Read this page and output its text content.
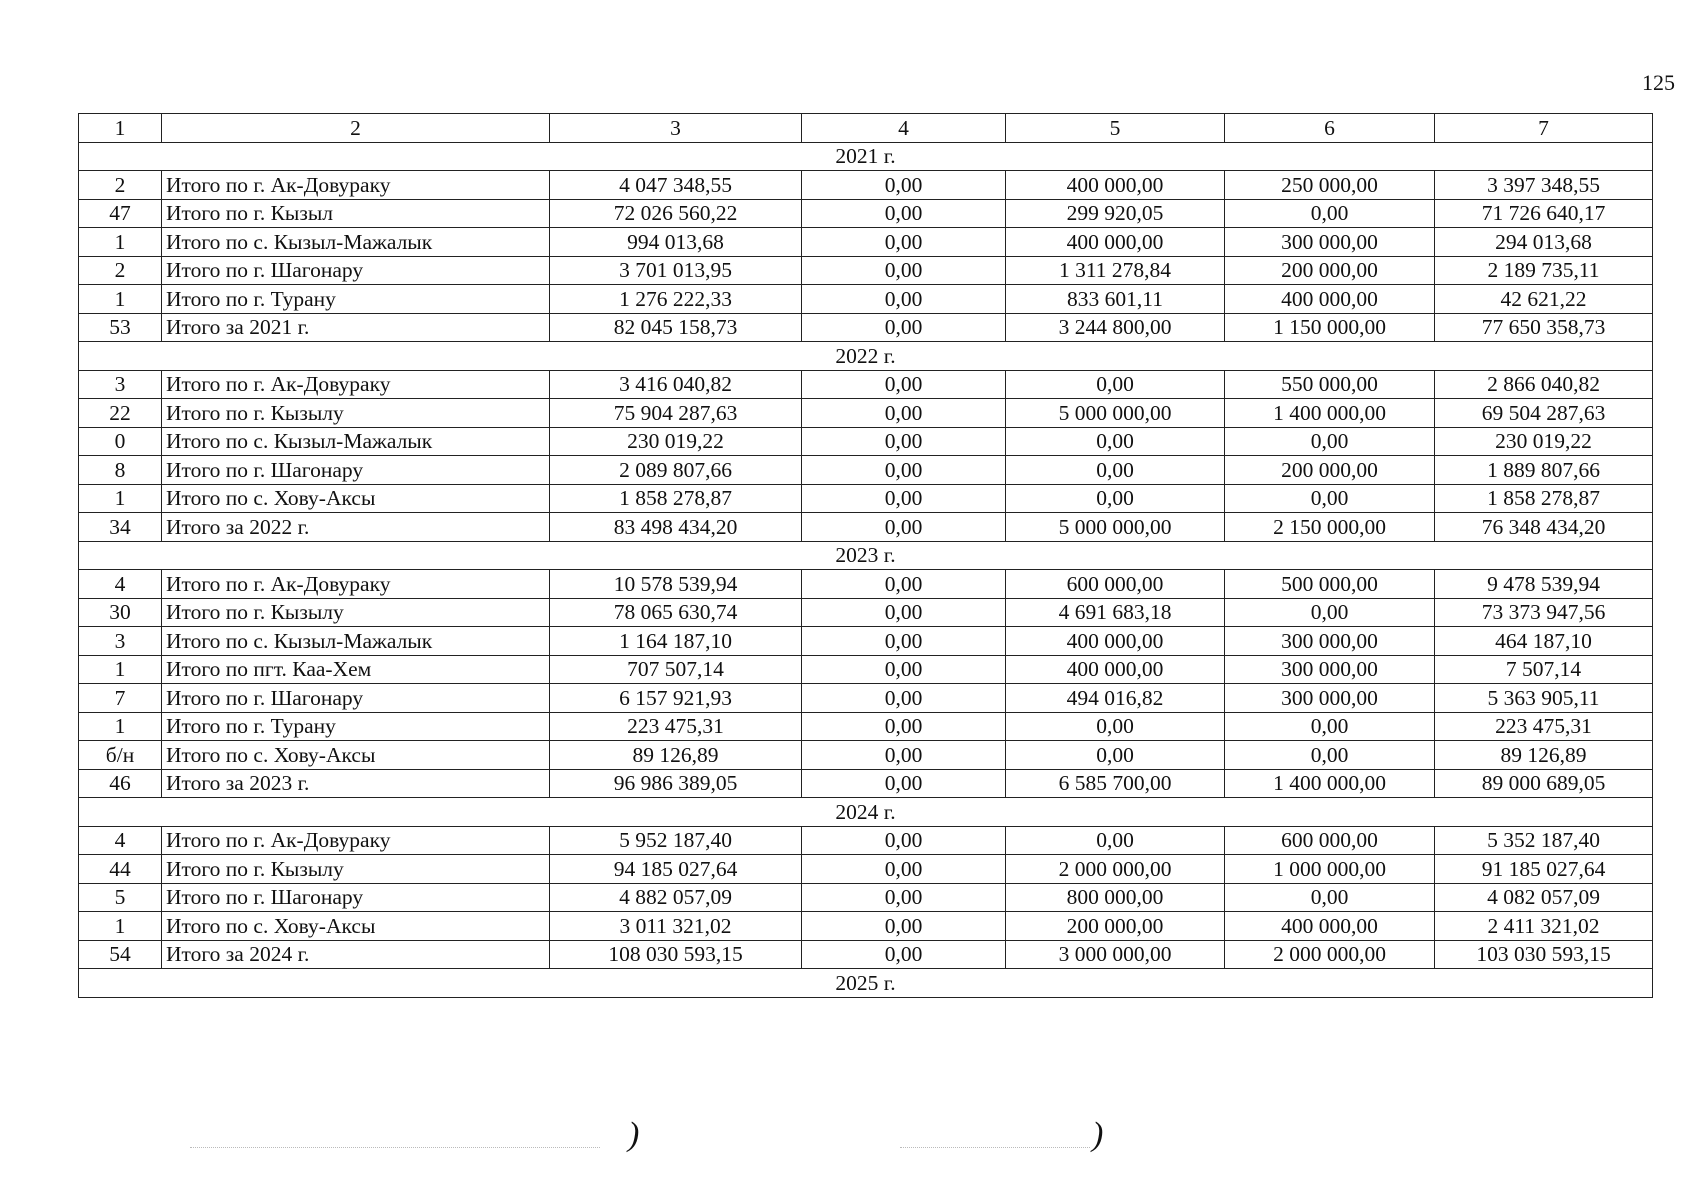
125
1	2	3	4	5	6	7
2021 г.						
2	Итого по г. Ак-Довураку	4 047 348,55	0,00	400 000,00	250 000,00	3 397 348,55
47	Итого по г. Кызыл	72 026 560,22	0,00	299 920,05	0,00	71 726 640,17
1	Итого по с. Кызыл-Мажалык	994 013,68	0,00	400 000,00	300 000,00	294 013,68
2	Итого по г. Шагонару	3 701 013,95	0,00	1 311 278,84	200 000,00	2 189 735,11
1	Итого по г. Турану	1 276 222,33	0,00	833 601,11	400 000,00	42 621,22
53	Итого за 2021 г.	82 045 158,73	0,00	3 244 800,00	1 150 000,00	77 650 358,73
2022 г.						
3	Итого по г. Ак-Довураку	3 416 040,82	0,00	0,00	550 000,00	2 866 040,82
22	Итого по г. Кызылу	75 904 287,63	0,00	5 000 000,00	1 400 000,00	69 504 287,63
0	Итого по с. Кызыл-Мажалык	230 019,22	0,00	0,00	0,00	230 019,22
8	Итого по г. Шагонару	2 089 807,66	0,00	0,00	200 000,00	1 889 807,66
1	Итого по с. Хову-Аксы	1 858 278,87	0,00	0,00	0,00	1 858 278,87
34	Итого за 2022 г.	83 498 434,20	0,00	5 000 000,00	2 150 000,00	76 348 434,20
2023 г.						
4	Итого по г. Ак-Довураку	10 578 539,94	0,00	600 000,00	500 000,00	9 478 539,94
30	Итого по г. Кызылу	78 065 630,74	0,00	4 691 683,18	0,00	73 373 947,56
3	Итого по с. Кызыл-Мажалык	1 164 187,10	0,00	400 000,00	300 000,00	464 187,10
1	Итого по пгт. Каа-Хем	707 507,14	0,00	400 000,00	300 000,00	7 507,14
7	Итого по г. Шагонару	6 157 921,93	0,00	494 016,82	300 000,00	5 363 905,11
1	Итого по г. Турану	223 475,31	0,00	0,00	0,00	223 475,31
б/н	Итого по с. Хову-Аксы	89 126,89	0,00	0,00	0,00	89 126,89
46	Итого за 2023 г.	96 986 389,05	0,00	6 585 700,00	1 400 000,00	89 000 689,05
2024 г.						
4	Итого по г. Ак-Довураку	5 952 187,40	0,00	0,00	600 000,00	5 352 187,40
44	Итого по г. Кызылу	94 185 027,64	0,00	2 000 000,00	1 000 000,00	91 185 027,64
5	Итого по г. Шагонару	4 882 057,09	0,00	800 000,00	0,00	4 082 057,09
1	Итого по с. Хову-Аксы	3 011 321,02	0,00	200 000,00	400 000,00	2 411 321,02
54	Итого за 2024 г.	108 030 593,15	0,00	3 000 000,00	2 000 000,00	103 030 593,15
2025 г.						
)	)
